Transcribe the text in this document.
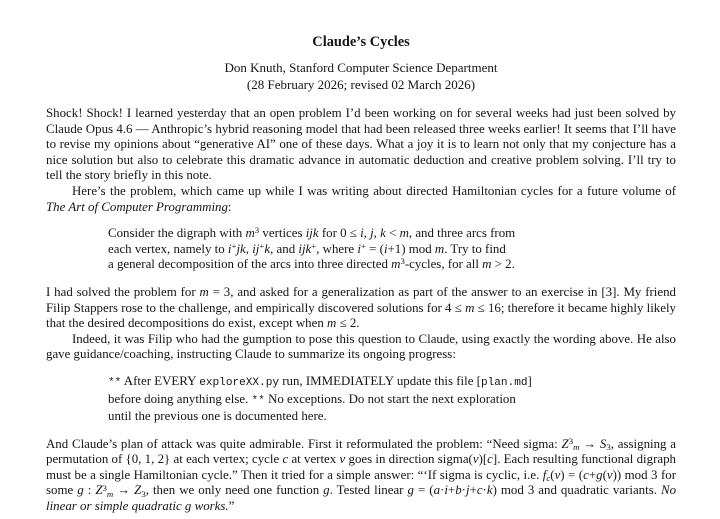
Claude’s Cycles
Don Knuth, Stanford Computer Science Department
(28 February 2026; revised 02 March 2026)

Shock! Shock! I learned yesterday that an open problem I’d been working on for several weeks had just been solved by Claude Opus 4.6 — Anthropic’s hybrid reasoning model that had been released three weeks earlier! It seems that I’ll have to revise my opinions about “generative AI” one of these days. What a joy it is to learn not only that my conjecture has a nice solution but also to celebrate this dramatic advance in automatic deduction and creative problem solving. I’ll try to tell the story briefly in this note.

Here’s the problem, which came up while I was writing about directed Hamiltonian cycles for a future volume of The Art of Computer Programming:

Consider the digraph with $m^3$ vertices ijk for 0 ≤ i, j, k < m, and three arcs from
each vertex, namely to i+jk, ij+k, and ijk+, where i+ = (i+1) mod m. Try to find
a general decomposition of the arcs into three directed $m^3$-cycles, for all m > 2.

I had solved the problem for m = 3, and asked for a generalization as part of the answer to an exercise in [3]. My friend Filip Stappers rose to the challenge, and empirically discovered solutions for 4 ≤ m ≤ 16; therefore it became highly likely that the desired decompositions do exist, except when m ≤ 2.

Indeed, it was Filip who had the gumption to pose this question to Claude, using exactly the wording above. He also gave guidance/coaching, instructing Claude to summarize its ongoing progress:

** After EVERY exploreXX.py run, IMMEDIATELY update this file [plan.md]
before doing anything else. ** No exceptions. Do not start the next exploration
until the previous one is documented here.

And Claude’s plan of attack was quite admirable. First it reformulated the problem: “Need sigma: $Z^3m \to S3$, assigning a permutation of {0, 1, 2} at each vertex; cycle c at vertex v goes in direction sigma(v)[c]. Each resulting functional digraph must be a single Hamiltonian cycle.” Then it tried for a simple answer: “‘If sigma is cyclic, i.e. fc(v) = (c+g(v)) mod 3 for some g : $Z^3m \to Z3$, then we only need one function g. Tested linear g = (a·i+b·j+c·k) mod 3 and quadratic variants. No linear or simple quadratic g works.”
